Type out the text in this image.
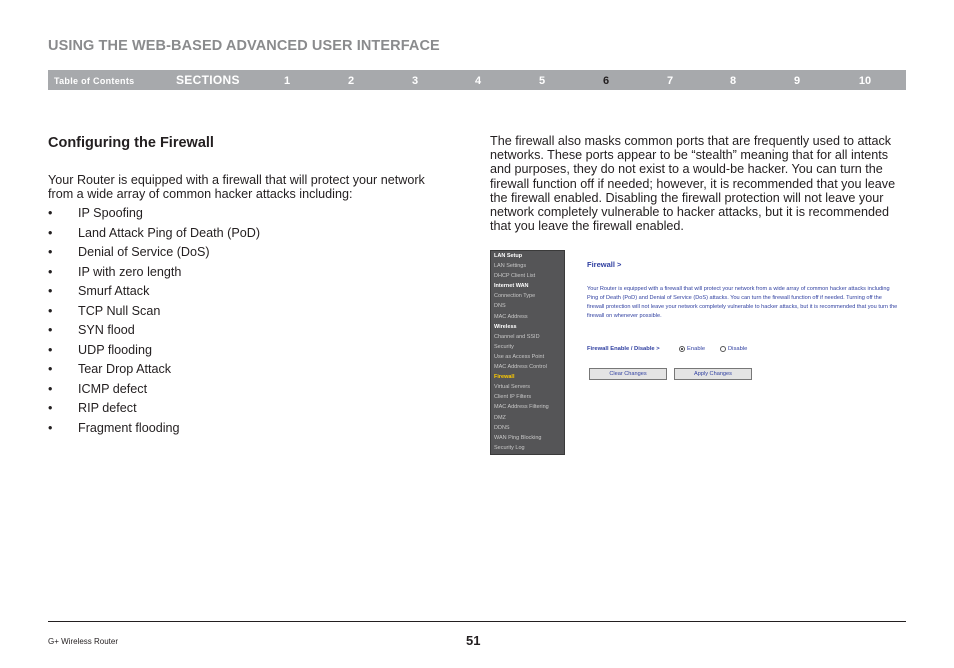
USING THE WEB-BASED ADVANCED USER INTERFACE
Table of Contents	SECTIONS	1	2	3	4	5	6	7	8	9	10
Configuring the Firewall

Your Router is equipped with a firewall that will protect your network from a wide array of common hacker attacks including:

• IP Spoofing
• Land Attack Ping of Death (PoD)
• Denial of Service (DoS)
• IP with zero length
• Smurf Attack
• TCP Null Scan
• SYN flood
• UDP flooding
• Tear Drop Attack
• ICMP defect
• RIP defect
• Fragment flooding

The firewall also masks common ports that are frequently used to attack networks. These ports appear to be “stealth” meaning that for all intents and purposes, they do not exist to a would-be hacker. You can turn the firewall function off if needed; however, it is recommended that you leave the firewall enabled. Disabling the firewall protection will not leave your network completely vulnerable to hacker attacks, but it is recommended that you leave the firewall enabled.

LAN Setup
LAN Settings
DHCP Client List
Internet WAN
Connection Type
DNS
MAC Address
Wireless
Channel and SSID
Security
Use as Access Point
MAC Address Control
Firewall
Virtual Servers
Client IP Filters
MAC Address Filtering
DMZ
DDNS
WAN Ping Blocking
Security Log
Firewall >
Your Router is equipped with a firewall that will protect your network from a wide array of common hacker attacks including Ping of Death (PoD) and Denial of Service (DoS) attacks. You can turn the firewall function off if needed. Turning off the firewall protection will not leave your network completely vulnerable to hacker attacks, but it is recommended that you turn the firewall on whenever possible.
Firewall Enable / Disable >	Enable	Disable
Clear Changes	Apply Changes
G+ Wireless Router	51
